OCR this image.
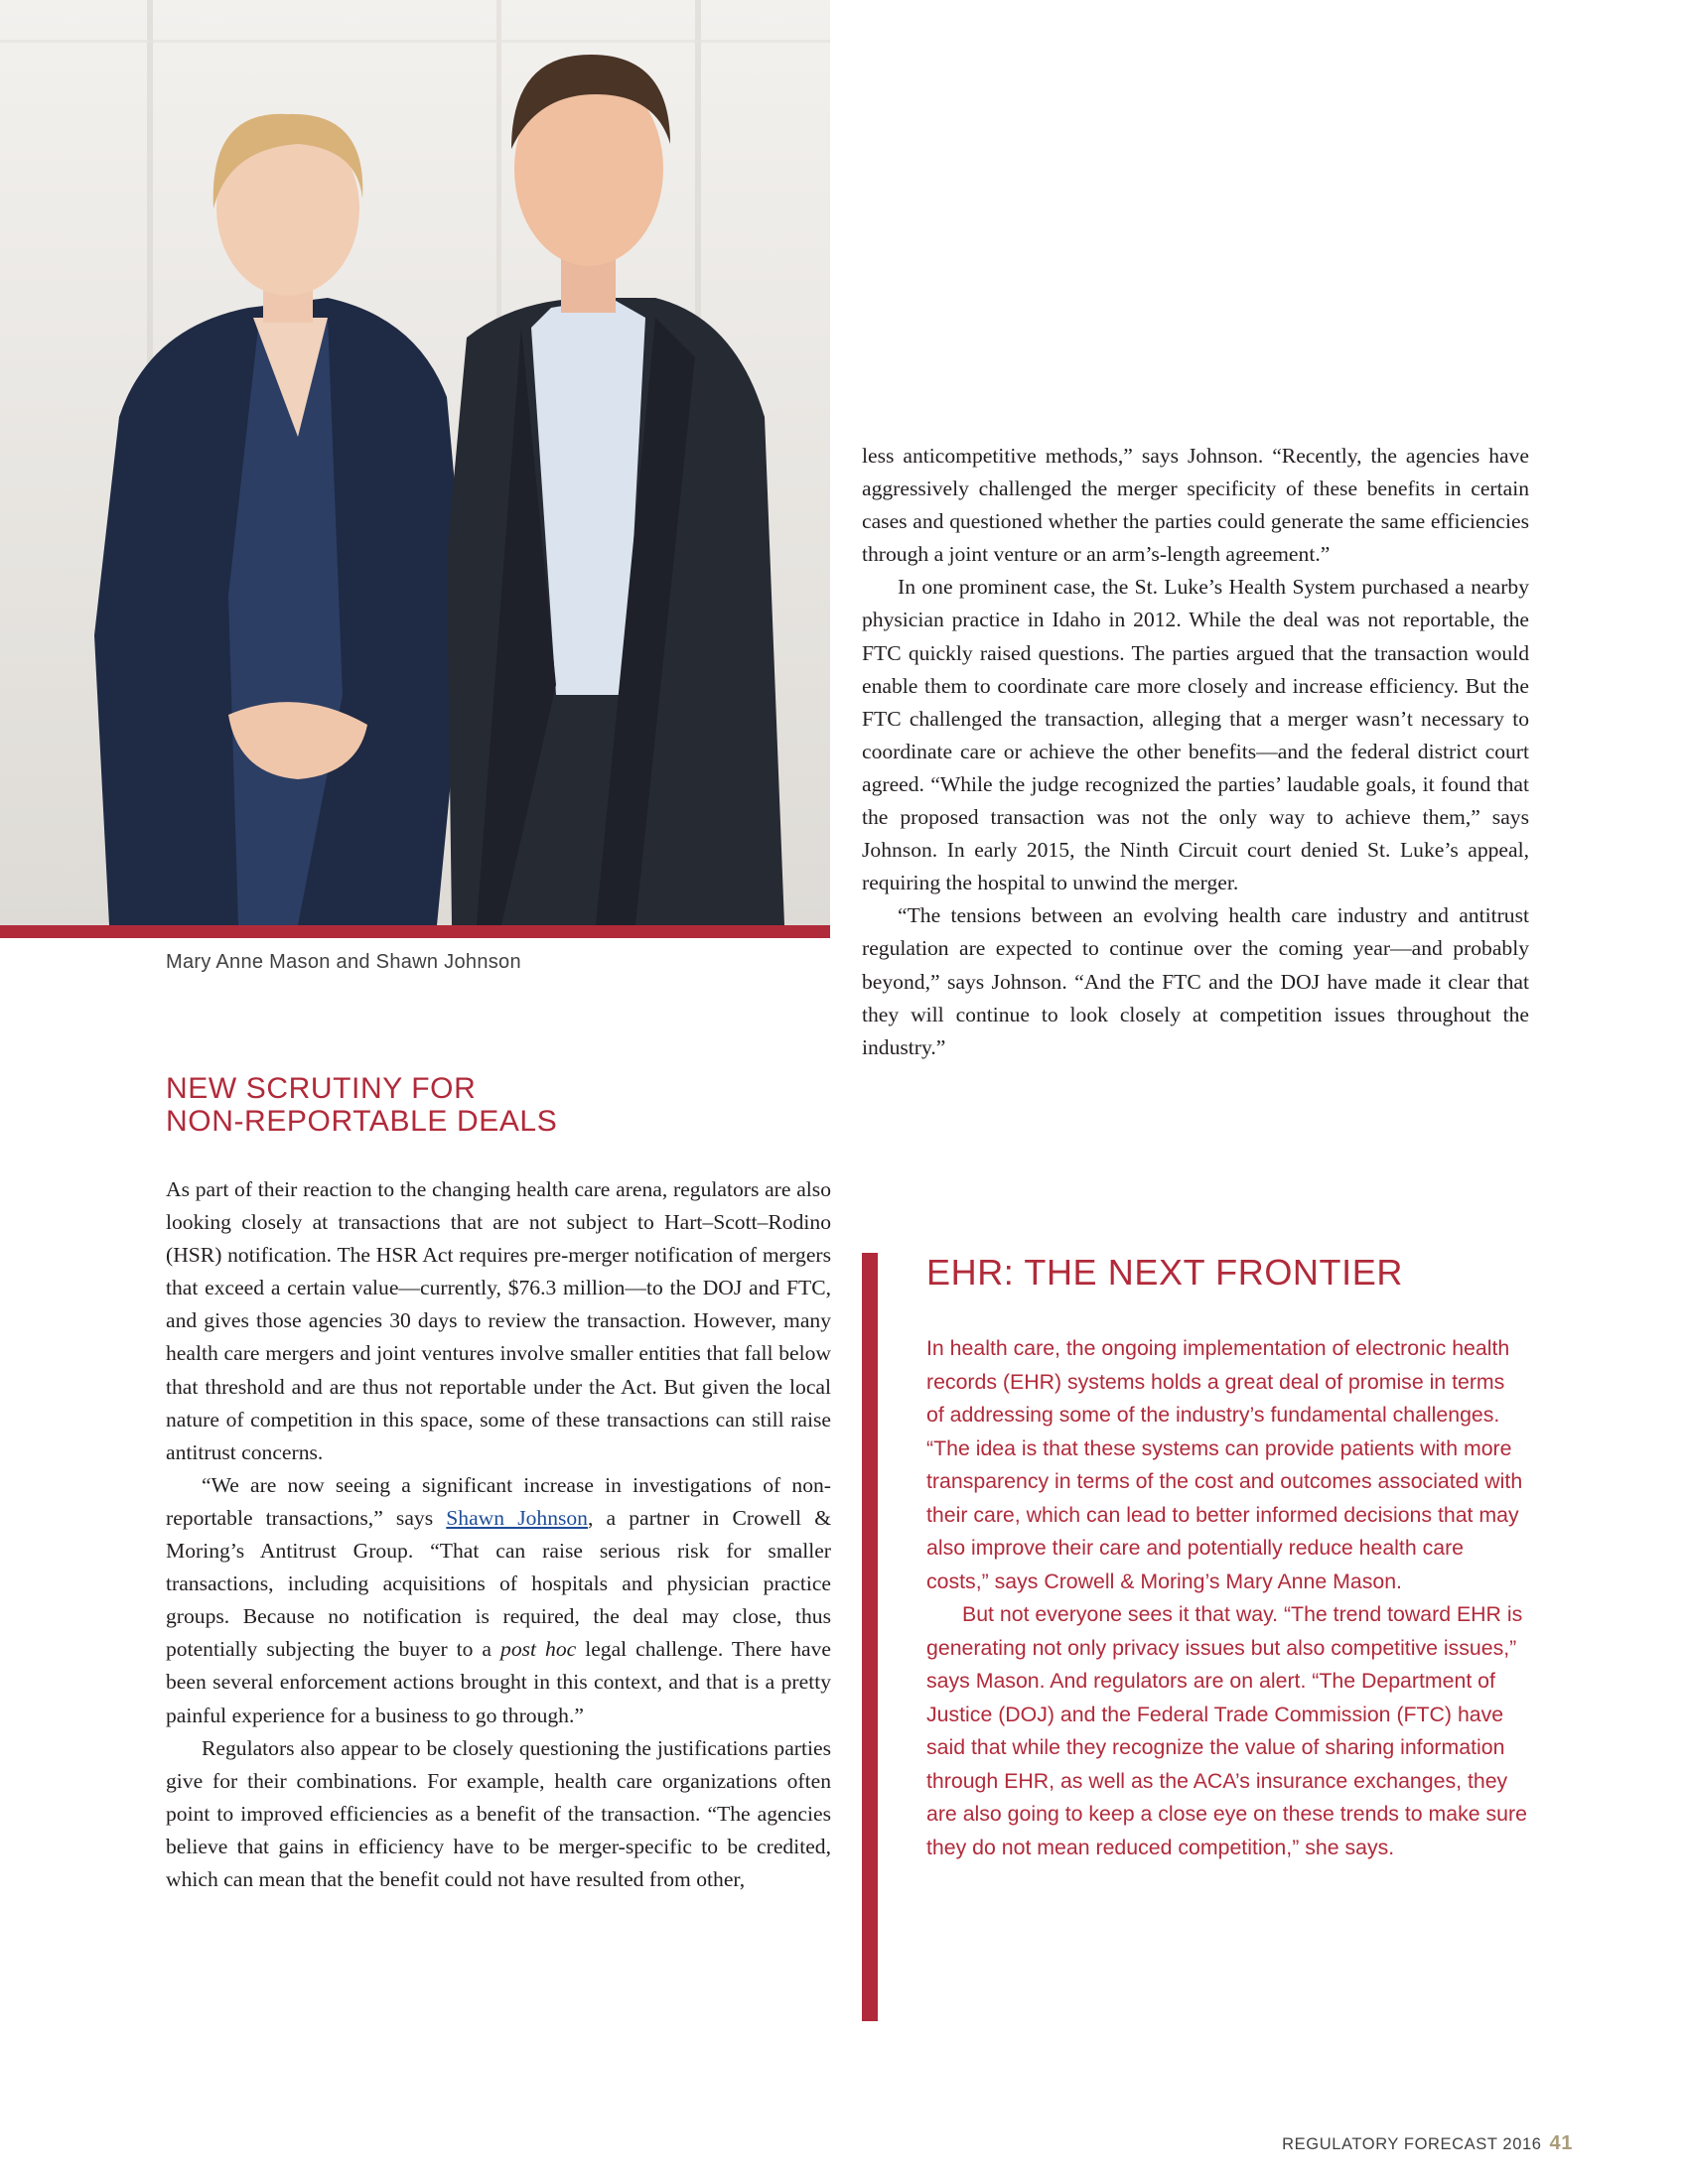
Mary Anne Mason and Shawn Johnson
NEW SCRUTINY FOR
NON-REPORTABLE DEALS

As part of their reaction to the changing health care arena, regulators are also looking closely at transactions that are not subject to Hart–Scott–Rodino (HSR) notification. The HSR Act requires pre-merger notification of mergers that exceed a certain value—currently, $76.3 million—to the DOJ and FTC, and gives those agencies 30 days to review the transaction. However, many health care mergers and joint ventures involve smaller entities that fall below that threshold and are thus not reportable under the Act. But given the local nature of competition in this space, some of these transactions can still raise antitrust concerns.

“We are now seeing a significant increase in investigations of non-reportable transactions,” says Shawn Johnson, a partner in Crowell & Moring’s Antitrust Group. “That can raise serious risk for smaller transactions, including acquisitions of hospitals and physician practice groups. Because no notification is required, the deal may close, thus potentially subjecting the buyer to a post hoc legal challenge. There have been several enforcement actions brought in this context, and that is a pretty painful experience for a business to go through.”

Regulators also appear to be closely questioning the justifications parties give for their combinations. For example, health care organizations often point to improved efficiencies as a benefit of the transaction. “The agencies believe that gains in efficiency have to be merger-specific to be credited, which can mean that the benefit could not have resulted from other,

less anticompetitive methods,” says Johnson. “Recently, the agencies have aggressively challenged the merger specificity of these benefits in certain cases and questioned whether the parties could generate the same efficiencies through a joint venture or an arm’s-length agreement.”

In one prominent case, the St. Luke’s Health System purchased a nearby physician practice in Idaho in 2012. While the deal was not reportable, the FTC quickly raised questions. The parties argued that the transaction would enable them to coordinate care more closely and increase efficiency. But the FTC challenged the transaction, alleging that a merger wasn’t necessary to coordinate care or achieve the other benefits—and the federal district court agreed. “While the judge recognized the parties’ laudable goals, it found that the proposed transaction was not the only way to achieve them,” says Johnson. In early 2015, the Ninth Circuit court denied St. Luke’s appeal, requiring the hospital to unwind the merger.

“The tensions between an evolving health care industry and antitrust regulation are expected to continue over the coming year—and probably beyond,” says Johnson. “And the FTC and the DOJ have made it clear that they will continue to look closely at competition issues throughout the industry.”

EHR: THE NEXT FRONTIER

In health care, the ongoing implementation of electronic health records (EHR) systems holds a great deal of promise in terms of addressing some of the industry’s fundamental challenges. “The idea is that these systems can provide patients with more transparency in terms of the cost and outcomes associated with their care, which can lead to better informed decisions that may also improve their care and potentially reduce health care costs,” says Crowell & Moring’s Mary Anne Mason.

But not everyone sees it that way. “The trend toward EHR is generating not only privacy issues but also competitive issues,” says Mason. And regulators are on alert. “The Department of Justice (DOJ) and the Federal Trade Commission (FTC) have said that while they recognize the value of sharing information through EHR, as well as the ACA’s insurance exchanges, they are also going to keep a close eye on these trends to make sure they do not mean reduced competition,” she says.

REGULATORY FORECAST 2016 41
